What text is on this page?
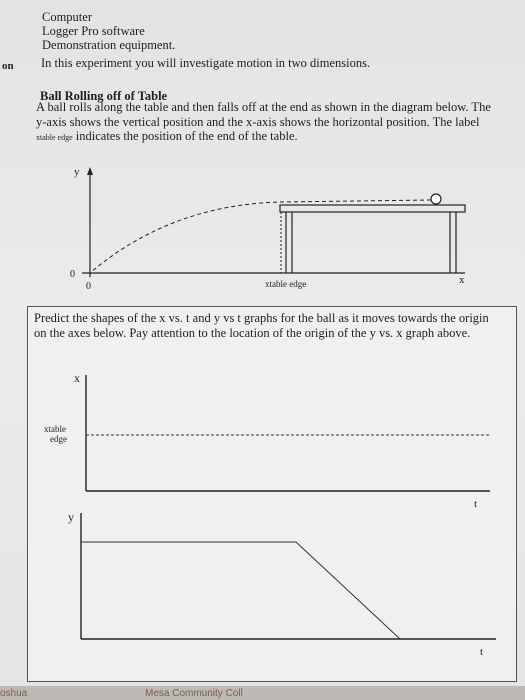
Computer
Logger Pro software
Demonstration equipment.
on In this experiment you will investigate motion in two dimensions.
Ball Rolling off of Table
A ball rolls along the table and then falls off at the end as shown in the diagram below. The y-axis shows the vertical position and the x-axis shows the horizontal position. The label xtable edge indicates the position of the end of the table.
y
x
0
0	xtable edge
Predict the shapes of the x vs. t and y vs t graphs for the ball as it moves towards the origin on the axes below. Pay attention to the location of the origin of the y vs. x graph above.
x
t
xtable
edge
y
t
oshua	Mesa Community Coll
